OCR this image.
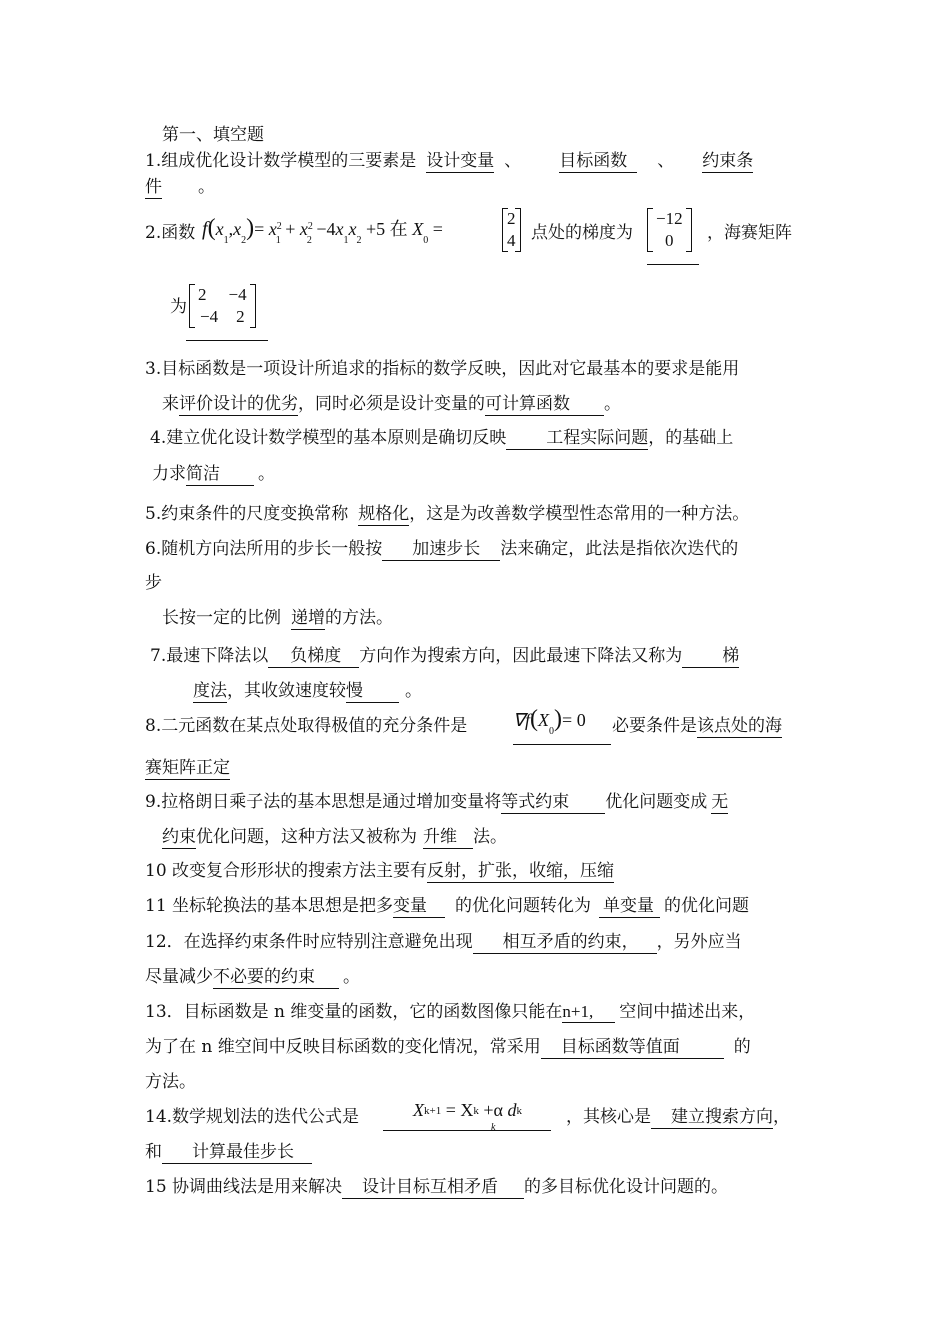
第一、填空题
1.组成优化设计数学模型的三要素是 设计变量 、 目标函数 、 约束条
件 。
2.函数 $f(x_1,x_2)= x^2_1 + x^2_2 -4x_1x_2 +5$ 在 $X_0$ =
2
4 点处的梯度为
−12
0	，海赛矩阵
为
2 −4
−4 2
3.目标函数是一项设计所追求的指标的数学反映，因此对它最基本的要求是能用
来评价设计的优劣，同时必须是设计变量的可计算函数 。
4.建立优化设计数学模型的基本原则是确切反映 工程实际问题，的基础上
力求简洁 。
5.约束条件的尺度变换常称 规格化，这是为改善数学模型性态常用的一种方法。
6.随机方向法所用的步长一般按 加速步长 法来确定，此法是指依次迭代的
步
长按一定的比例 递增的方法。
7.最速下降法以 负梯度 方向作为搜索方向，因此最速下降法又称为 梯
度法，其收敛速度较慢 。
8.二元函数在某点处取得极值的充分条件是	$\nabla f(X_0)= 0$	必要条件是该点处的海
赛矩阵正定
9.拉格朗日乘子法的基本思想是通过增加变量将等式约束 优化问题变成 无
约束优化问题，这种方法又被称为 升维 法。
10 改变复合形形状的搜索方法主要有反射，扩张，收缩，压缩
11 坐标轮换法的基本思想是把多变量 的优化问题转化为 单变量 的优化问题
12．在选择约束条件时应特别注意避免出现 相互矛盾的约束， ，另外应当
尽量减少不必要的约束 。
13．目标函数是 n 维变量的函数，它的函数图像只能在n+1, 空间中描述出来，
为了在 n 维空间中反映目标函数的变化情况，常采用 目标函数等值面	的
方法。
14.数学规划法的迭代公式是	Xk+1 = Xk +α dk
k
，其核心是 建立搜索方向，
和 计算最佳步长
15 协调曲线法是用来解决 设计目标互相矛盾 的多目标优化设计问题的。
